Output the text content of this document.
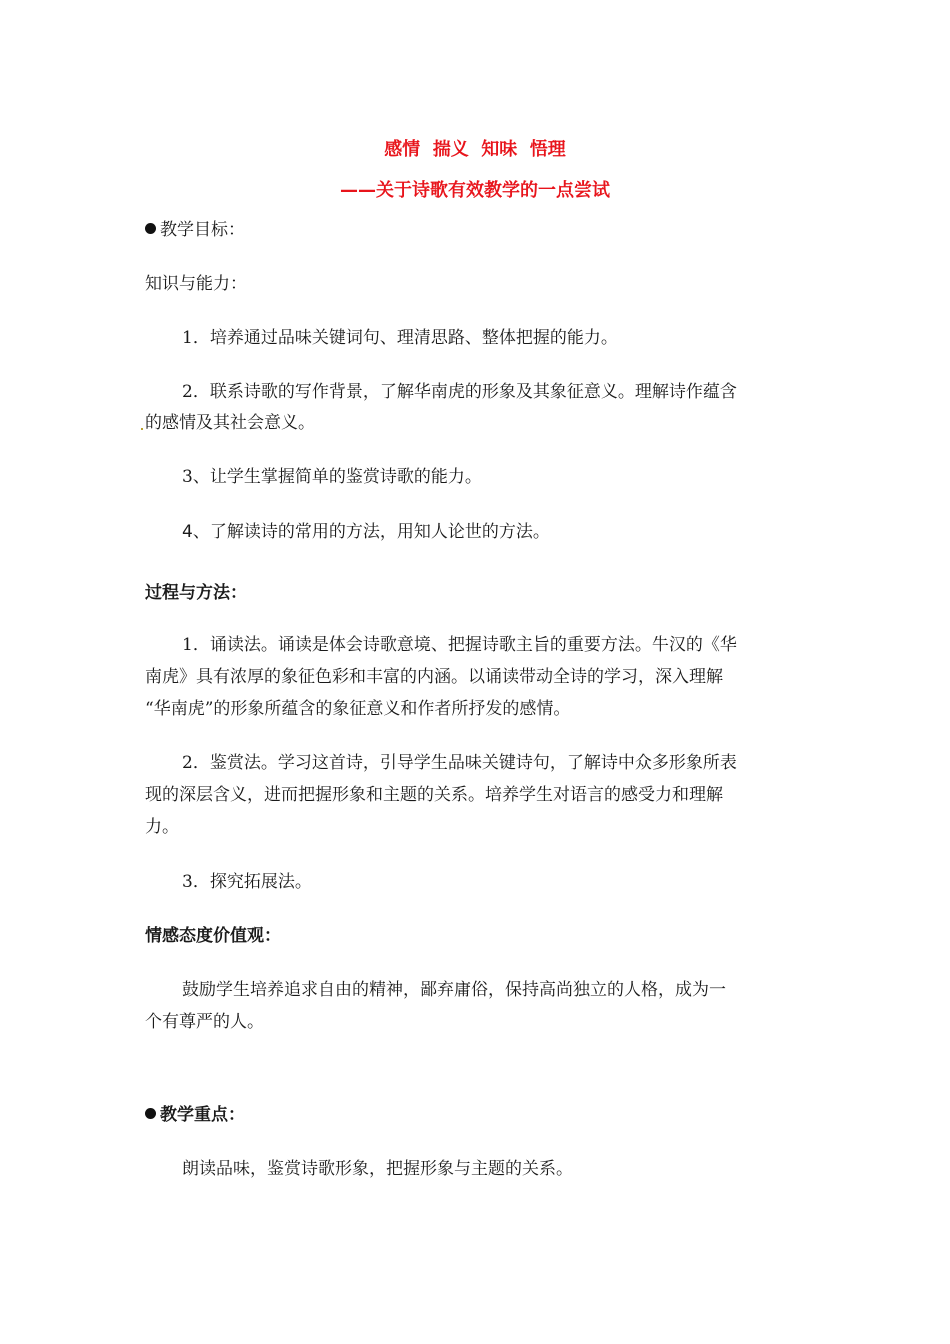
感情  揣义  知味  悟理
——关于诗歌有效教学的一点尝试
教学目标：
知识与能力：
1．培养通过品味关键词句、理清思路、整体把握的能力。
2．联系诗歌的写作背景，了解华南虎的形象及其象征意义。理解诗作蕴含
的感情及其社会意义。
3、让学生掌握简单的鉴赏诗歌的能力。
4、了解读诗的常用的方法，用知人论世的方法。
过程与方法：
1．诵读法。诵读是体会诗歌意境、把握诗歌主旨的重要方法。牛汉的《华
南虎》具有浓厚的象征色彩和丰富的内涵。以诵读带动全诗的学习，深入理解
“华南虎”的形象所蕴含的象征意义和作者所抒发的感情。
2．鉴赏法。学习这首诗，引导学生品味关键诗句，了解诗中众多形象所表
现的深层含义，进而把握形象和主题的关系。培养学生对语言的感受力和理解
力。
3．探究拓展法。
情感态度价值观：
鼓励学生培养追求自由的精神，鄙弃庸俗，保持高尚独立的人格，成为一
个有尊严的人。
教学重点：
朗读品味，鉴赏诗歌形象，把握形象与主题的关系。
